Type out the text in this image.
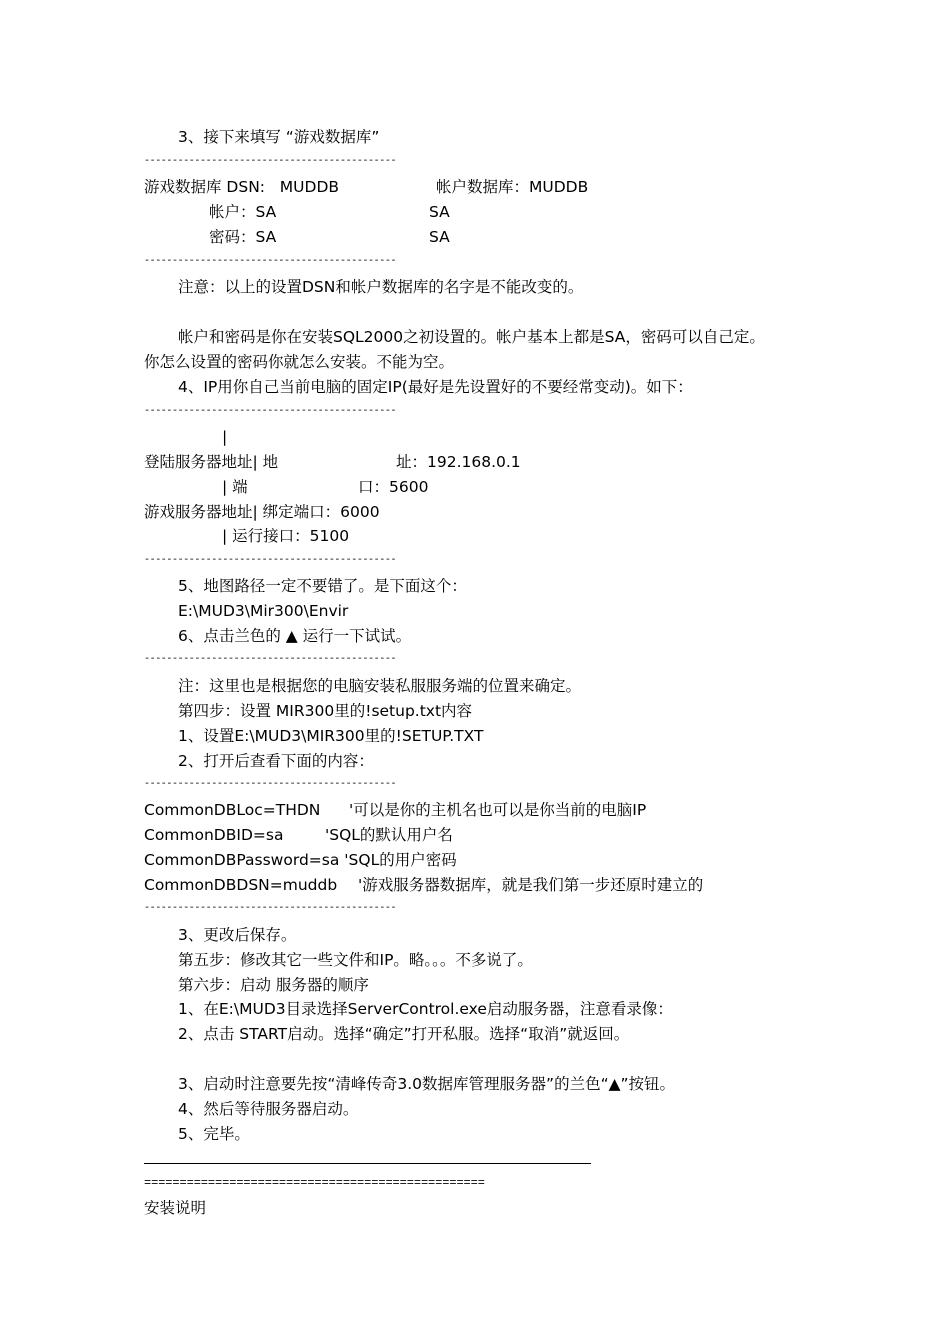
3、接下来填写 “游戏数据库”
---------------------------------------------
游戏数据库 DSN:   MUDDB	帐户数据库：MUDDB
帐户：SA	SA
密码：SA	SA
---------------------------------------------
注意：以上的设置DSN和帐户数据库的名字是不能改变的。
帐户和密码是你在安装SQL2000之初设置的。帐户基本上都是SA，密码可以自己定。
你怎么设置的密码你就怎么安装。不能为空。
4、IP用你自己当前电脑的固定IP(最好是先设置好的不要经常变动)。如下：
---------------------------------------------
|
登陆服务器地址| 地	址：192.168.0.1
| 端	口：5600
游戏服务器地址| 绑定端口：6000
| 运行接口：5100
---------------------------------------------
5、地图路径一定不要错了。是下面这个：
E:\MUD3\Mir300\Envir
6、点击兰色的 ▲ 运行一下试试。
---------------------------------------------
注：这里也是根据您的电脑安装私服服务端的位置来确定。
第四步：设置 MIR300里的!setup.txt内容
1、设置E:\MUD3\MIR300里的!SETUP.TXT
2、打开后查看下面的内容：
---------------------------------------------
CommonDBLoc=THDN '可以是你的主机名也可以是你当前的电脑IP
CommonDBID=sa	'SQL的默认用户名
CommonDBPassword=sa 'SQL的用户密码
CommonDBDSN=muddb '游戏服务器数据库，就是我们第一步还原时建立的
---------------------------------------------
3、更改后保存。
第五步：修改其它一些文件和IP。略。。。不多说了。
第六步：启动 服务器的顺序
1、在E:\MUD3目录选择ServerControl.exe启动服务器，注意看录像：
2、点击 START启动。选择“确定”打开私服。选择“取消”就返回。
3、启动时注意要先按“清峰传奇3.0数据库管理服务器”的兰色“▲”按钮。
4、然后等待服务器启动。
5、完毕。
================================================
安装说明
